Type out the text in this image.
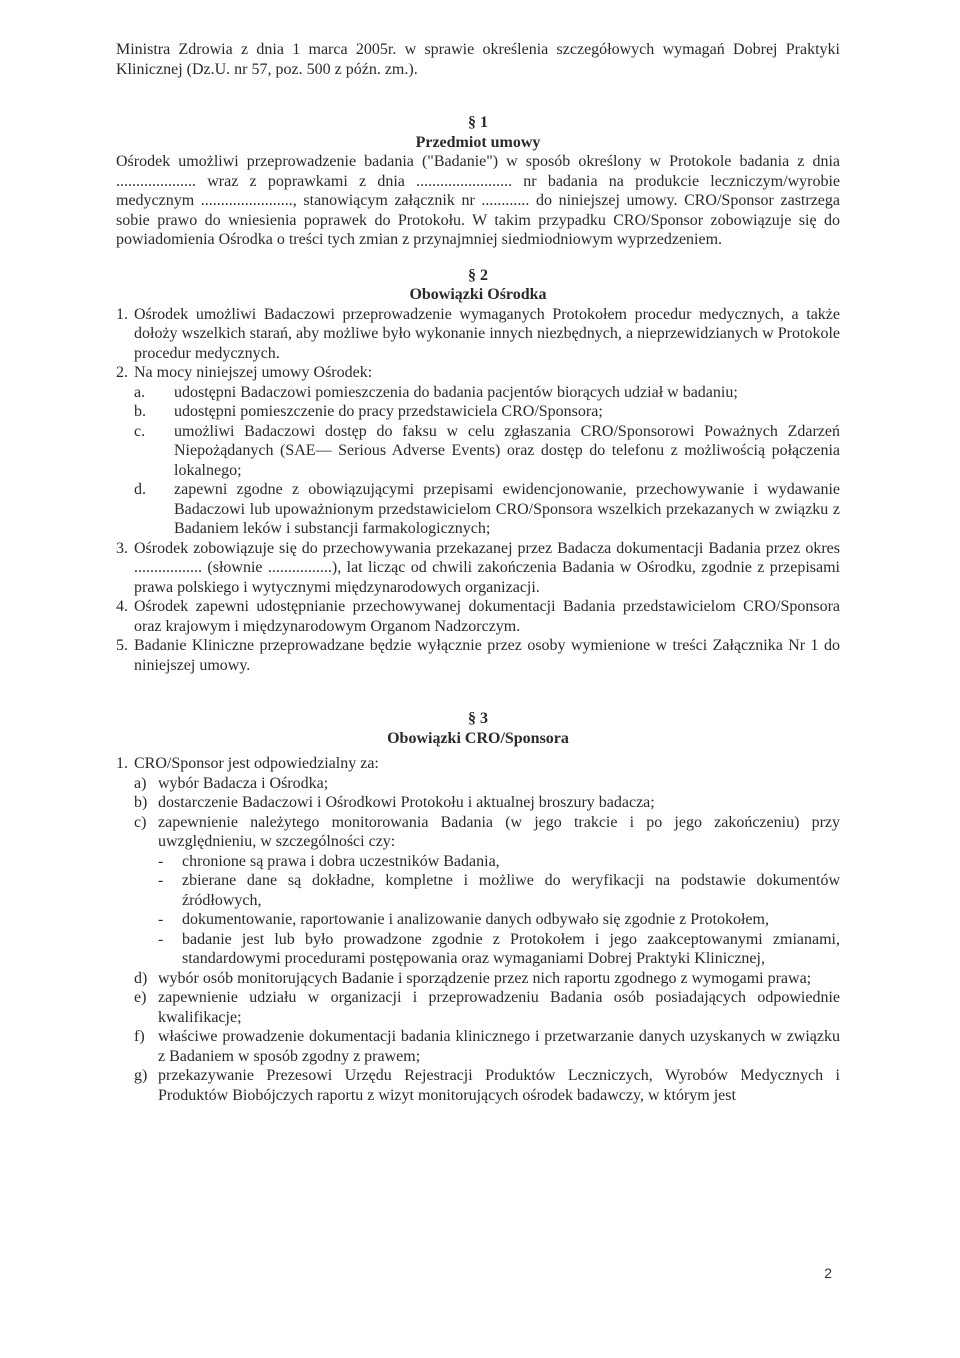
Ministra Zdrowia z dnia 1 marca 2005r. w sprawie określenia szczegółowych wymagań Dobrej Praktyki Klinicznej (Dz.U. nr 57, poz. 500 z późn. zm.).

§ 1
Przedmiot umowy

Ośrodek umożliwi przeprowadzenie badania ("Badanie") w sposób określony w Protokole badania z dnia .................... wraz z poprawkami z dnia ........................ nr badania na produkcie leczniczym/wyrobie medycznym ......................., stanowiącym załącznik nr ............ do niniejszej umowy. CRO/Sponsor zastrzega sobie prawo do wniesienia poprawek do Protokołu. W takim przypadku CRO/Sponsor zobowiązuje się do powiadomienia Ośrodka o treści tych zmian z przynajmniej siedmiodniowym wyprzedzeniem.

§ 2
Obowiązki Ośrodka
1. Ośrodek umożliwi Badaczowi przeprowadzenie wymaganych Protokołem procedur medycznych, a także dołoży wszelkich starań, aby możliwe było wykonanie innych niezbędnych, a nieprzewidzianych w Protokole procedur medycznych.
2. Na mocy niniejszej umowy Ośrodek:
a.	udostępni Badaczowi pomieszczenia do badania pacjentów biorących udział w badaniu;
b.	udostępni pomieszczenie do pracy przedstawiciela CRO/Sponsora;
c.	umożliwi Badaczowi dostęp do faksu w celu zgłaszania CRO/Sponsorowi Poważnych Zdarzeń Niepożądanych (SAE— Serious Adverse Events) oraz dostęp do telefonu z możliwością połączenia lokalnego;
d.	zapewni zgodne z obowiązującymi przepisami ewidencjonowanie, przechowywanie i wydawanie Badaczowi lub upoważnionym przedstawicielom CRO/Sponsora wszelkich przekazanych w związku z Badaniem leków i substancji farmakologicznych;
3. Ośrodek zobowiązuje się do przechowywania przekazanej przez Badacza dokumentacji Badania przez okres ................. (słownie ................), lat licząc od chwili zakończenia Badania w Ośrodku, zgodnie z przepisami prawa polskiego i wytycznymi międzynarodowych organizacji.
4. Ośrodek zapewni udostępnianie przechowywanej dokumentacji Badania przedstawicielom CRO/Sponsora oraz krajowym i międzynarodowym Organom Nadzorczym.
5. Badanie Kliniczne przeprowadzane będzie wyłącznie przez osoby wymienione w treści Załącznika Nr 1 do niniejszej umowy.
§ 3
Obowiązki CRO/Sponsora
1. CRO/Sponsor jest odpowiedzialny za:
a) wybór Badacza i Ośrodka;
b) dostarczenie Badaczowi i Ośrodkowi Protokołu i aktualnej broszury badacza;
c) zapewnienie należytego monitorowania Badania (w jego trakcie i po jego zakończeniu) przy uwzględnieniu, w szczególności czy:
-	chronione są prawa i dobra uczestników Badania,
-	zbierane dane są dokładne, kompletne i możliwe do weryfikacji na podstawie dokumentów źródłowych,
-	dokumentowanie, raportowanie i analizowanie danych odbywało się zgodnie z Protokołem,
-	badanie jest lub było prowadzone zgodnie z Protokołem i jego zaakceptowanymi zmianami, standardowymi procedurami postępowania oraz wymaganiami Dobrej Praktyki Klinicznej,
d) wybór osób monitorujących Badanie i sporządzenie przez nich raportu zgodnego z wymogami prawa;
e) zapewnienie udziału w organizacji i przeprowadzeniu Badania osób posiadających odpowiednie kwalifikacje;
f) właściwe prowadzenie dokumentacji badania klinicznego i przetwarzanie danych uzyskanych w związku z Badaniem w sposób zgodny z prawem;
g) przekazywanie Prezesowi Urzędu Rejestracji Produktów Leczniczych, Wyrobów Medycznych i Produktów Biobójczych raportu z wizyt monitorujących ośrodek badawczy, w którym jest
2
